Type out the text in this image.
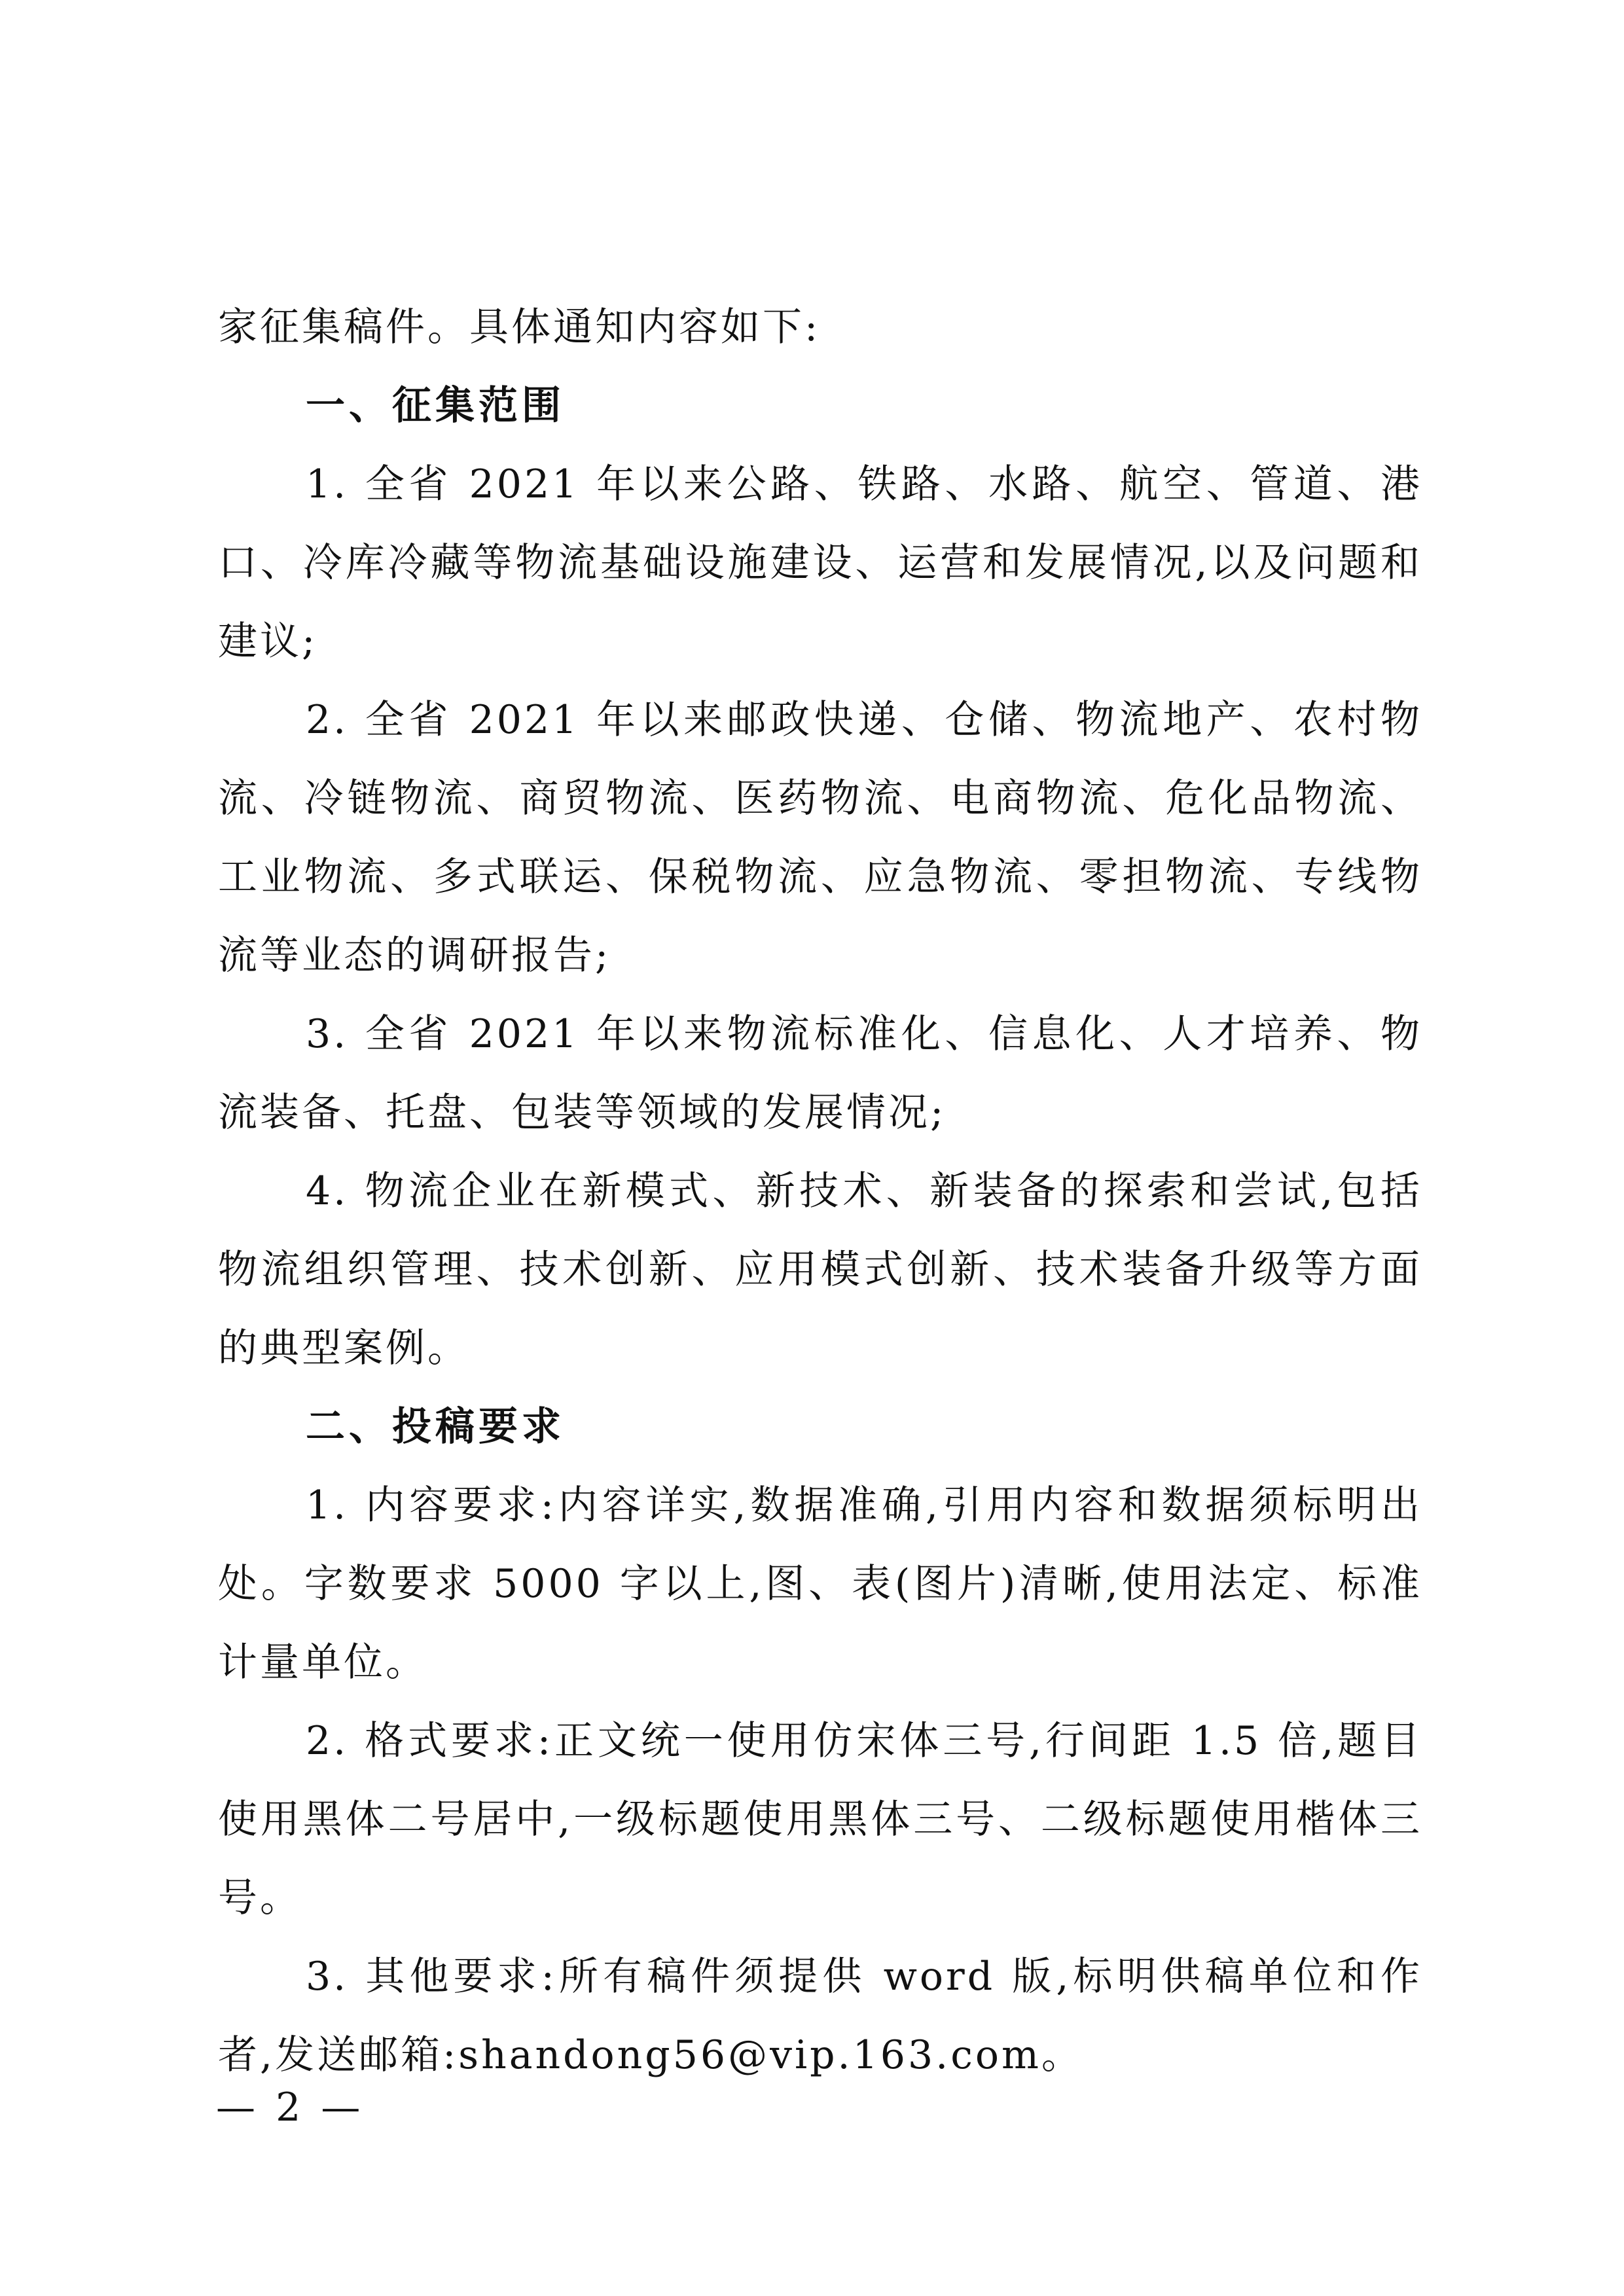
家征集稿件。具体通知内容如下:

一、征集范围

1. 全省 2021 年以来公路、铁路、水路、航空、管道、港口、冷库冷藏等物流基础设施建设、运营和发展情况,以及问题和建议;

2. 全省 2021 年以来邮政快递、仓储、物流地产、农村物流、冷链物流、商贸物流、医药物流、电商物流、危化品物流、工业物流、多式联运、保税物流、应急物流、零担物流、专线物流等业态的调研报告;

3. 全省 2021 年以来物流标准化、信息化、人才培养、物流装备、托盘、包装等领域的发展情况;

4. 物流企业在新模式、新技术、新装备的探索和尝试,包括物流组织管理、技术创新、应用模式创新、技术装备升级等方面的典型案例。

二、投稿要求

1. 内容要求:内容详实,数据准确,引用内容和数据须标明出处。字数要求 5000 字以上,图、表(图片)清晰,使用法定、标准计量单位。

2. 格式要求:正文统一使用仿宋体三号,行间距 1.5 倍,题目使用黑体二号居中,一级标题使用黑体三号、二级标题使用楷体三号。

3. 其他要求:所有稿件须提供 word 版,标明供稿单位和作者,发送邮箱:shandong56@vip.163.com。

— 2 —
